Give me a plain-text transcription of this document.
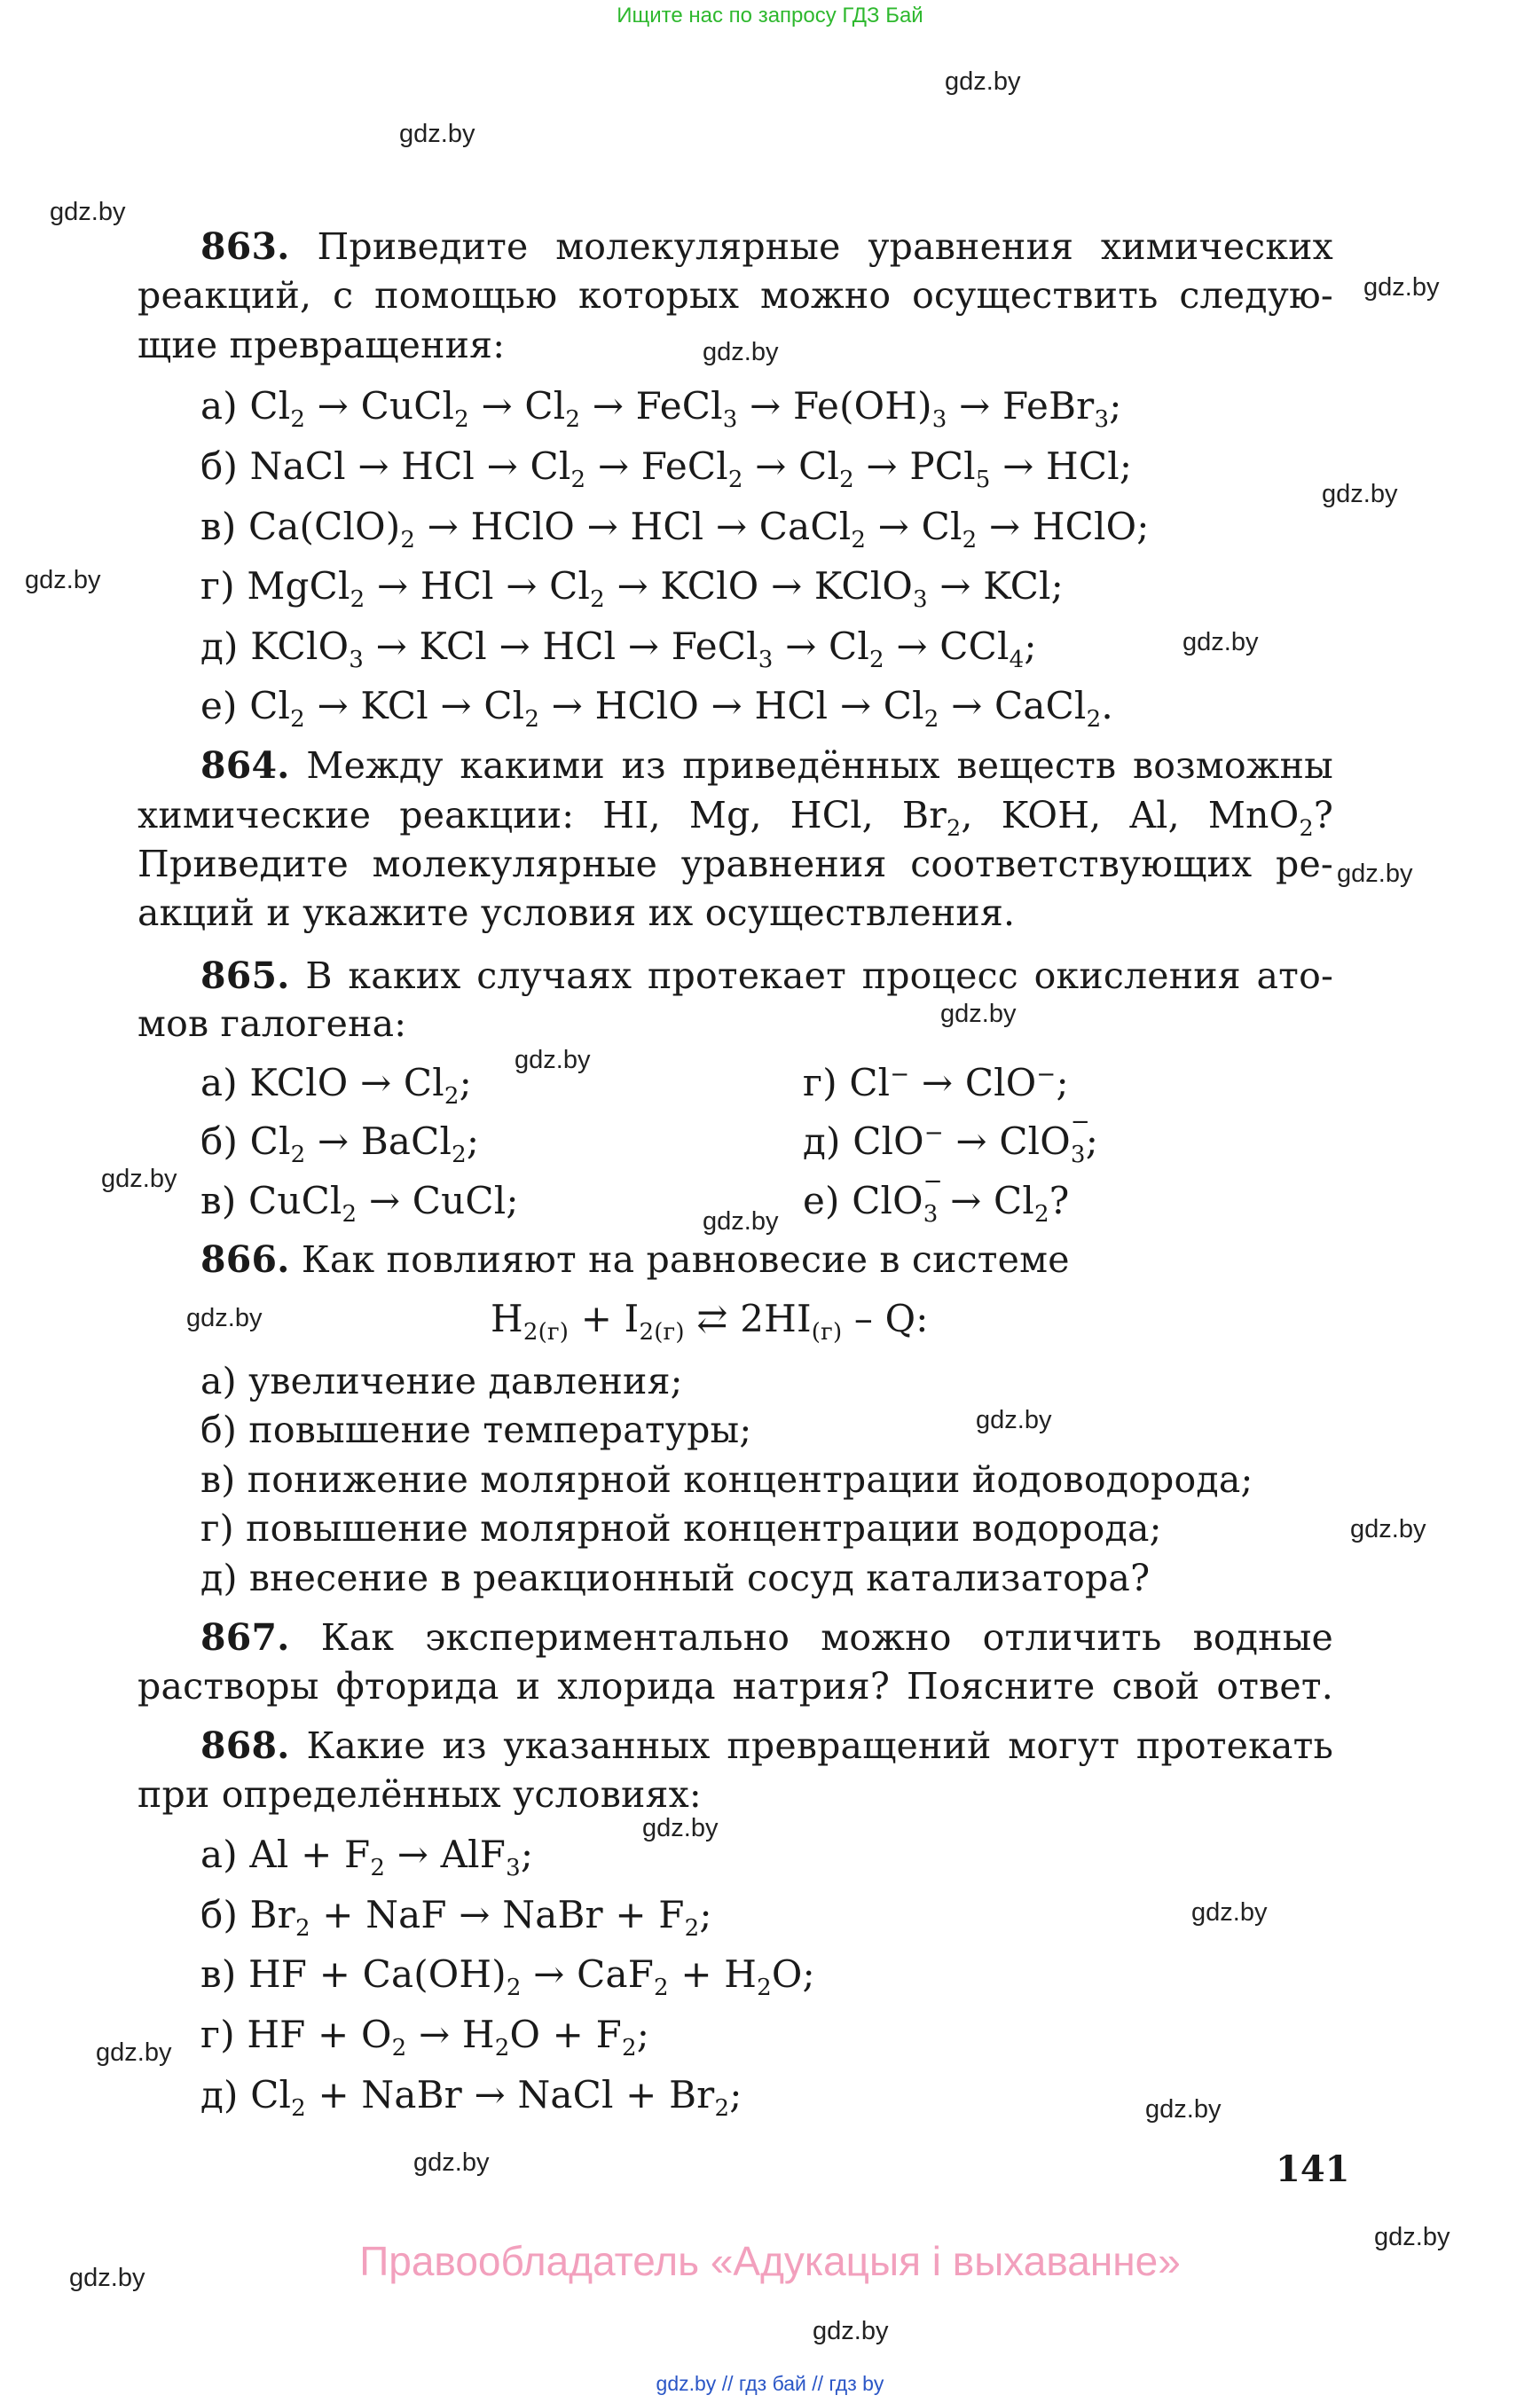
Ищите нас по запросу ГДЗ Бай
gdz.by
gdz.by
gdz.by
gdz.by
gdz.by
gdz.by
gdz.by
gdz.by
gdz.by
gdz.by
gdz.by
gdz.by
gdz.by
gdz.by
gdz.by
gdz.by
gdz.by
gdz.by
gdz.by
gdz.by
gdz.by
gdz.by
gdz.by
gdz.by
863. Приведите молекулярные уравнения химических
реакций, с помощью которых можно осуществить следую-
щие превращения:
а) $Cl_2$ → CuCl$_2$ → $Cl_2$ → FeCl$_3$ → $Fe(OH)_3$ → FeBr$_3$;
б) NaCl → HCl → $Cl_2$ → FeCl$_2$ → $Cl_2 \to PCl_5$ → HCl;
в) $Ca(ClO)_2$ → HClO → HCl → CaCl$_2$ → $Cl_2$ → HClO;
г) MgCl$_2$ → HCl → $Cl_2$ → KClO → KClO$_3$ → KCl;
д) KClO$_3$ → KCl → HCl → FeCl$_3$ → $Cl_2 \to CCl_4$;
е) $Cl_2$ → KCl → $Cl_2$ → HClO → HCl → $Cl_2$ → CaCl$_2$.
864. Между какими из приведённых веществ возможны
химические реакции: HI, Mg, HCl, $Br_2$, KOH, Al, MnO$_2$?
Приведите молекулярные уравнения соответствующих ре-
акций и укажите условия их осуществления.
865. В каких случаях протекает процесс окисления ато-
мов галогена:
а) KClO → $Cl_2$;
б) $Cl_2$ → BaCl$_2$;
в) CuCl$_2$ → CuCl;
г) Cl− → ClO−;
д) ClO− → ClO −
$_3$;
е) ClO −
$_3 \to Cl_2$?
866. Как повлияют на равновесие в системе
$H_{2(г)} + I_{2(г)}$ ⇄ $2HI_{(г)}$ – Q:
а) увеличение давления;
б) повышение температуры;
в) понижение молярной концентрации йодоводорода;
г) повышение молярной концентрации водорода;
д) внесение в реакционный сосуд катализатора?
867. Как экспериментально можно отличить водные
растворы фторида и хлорида натрия? Поясните свой ответ.
868. Какие из указанных превращений могут протекать
при определённых условиях:
а) $Al + F_2 \to AlF_3$;
б) $Br_2$ + NaF → NaBr + $F_2$;
в) HF + $Ca(OH)_2 \to CaF_2 + H_2O$;
г) HF + $O_2 \to H_2O + F_2$;
д) $Cl_2$ + NaBr → NaCl + $Br_2$;
141
Правообладатель «Адукацыя і выхаванне»
gdz.by // гдз бай // гдз by
